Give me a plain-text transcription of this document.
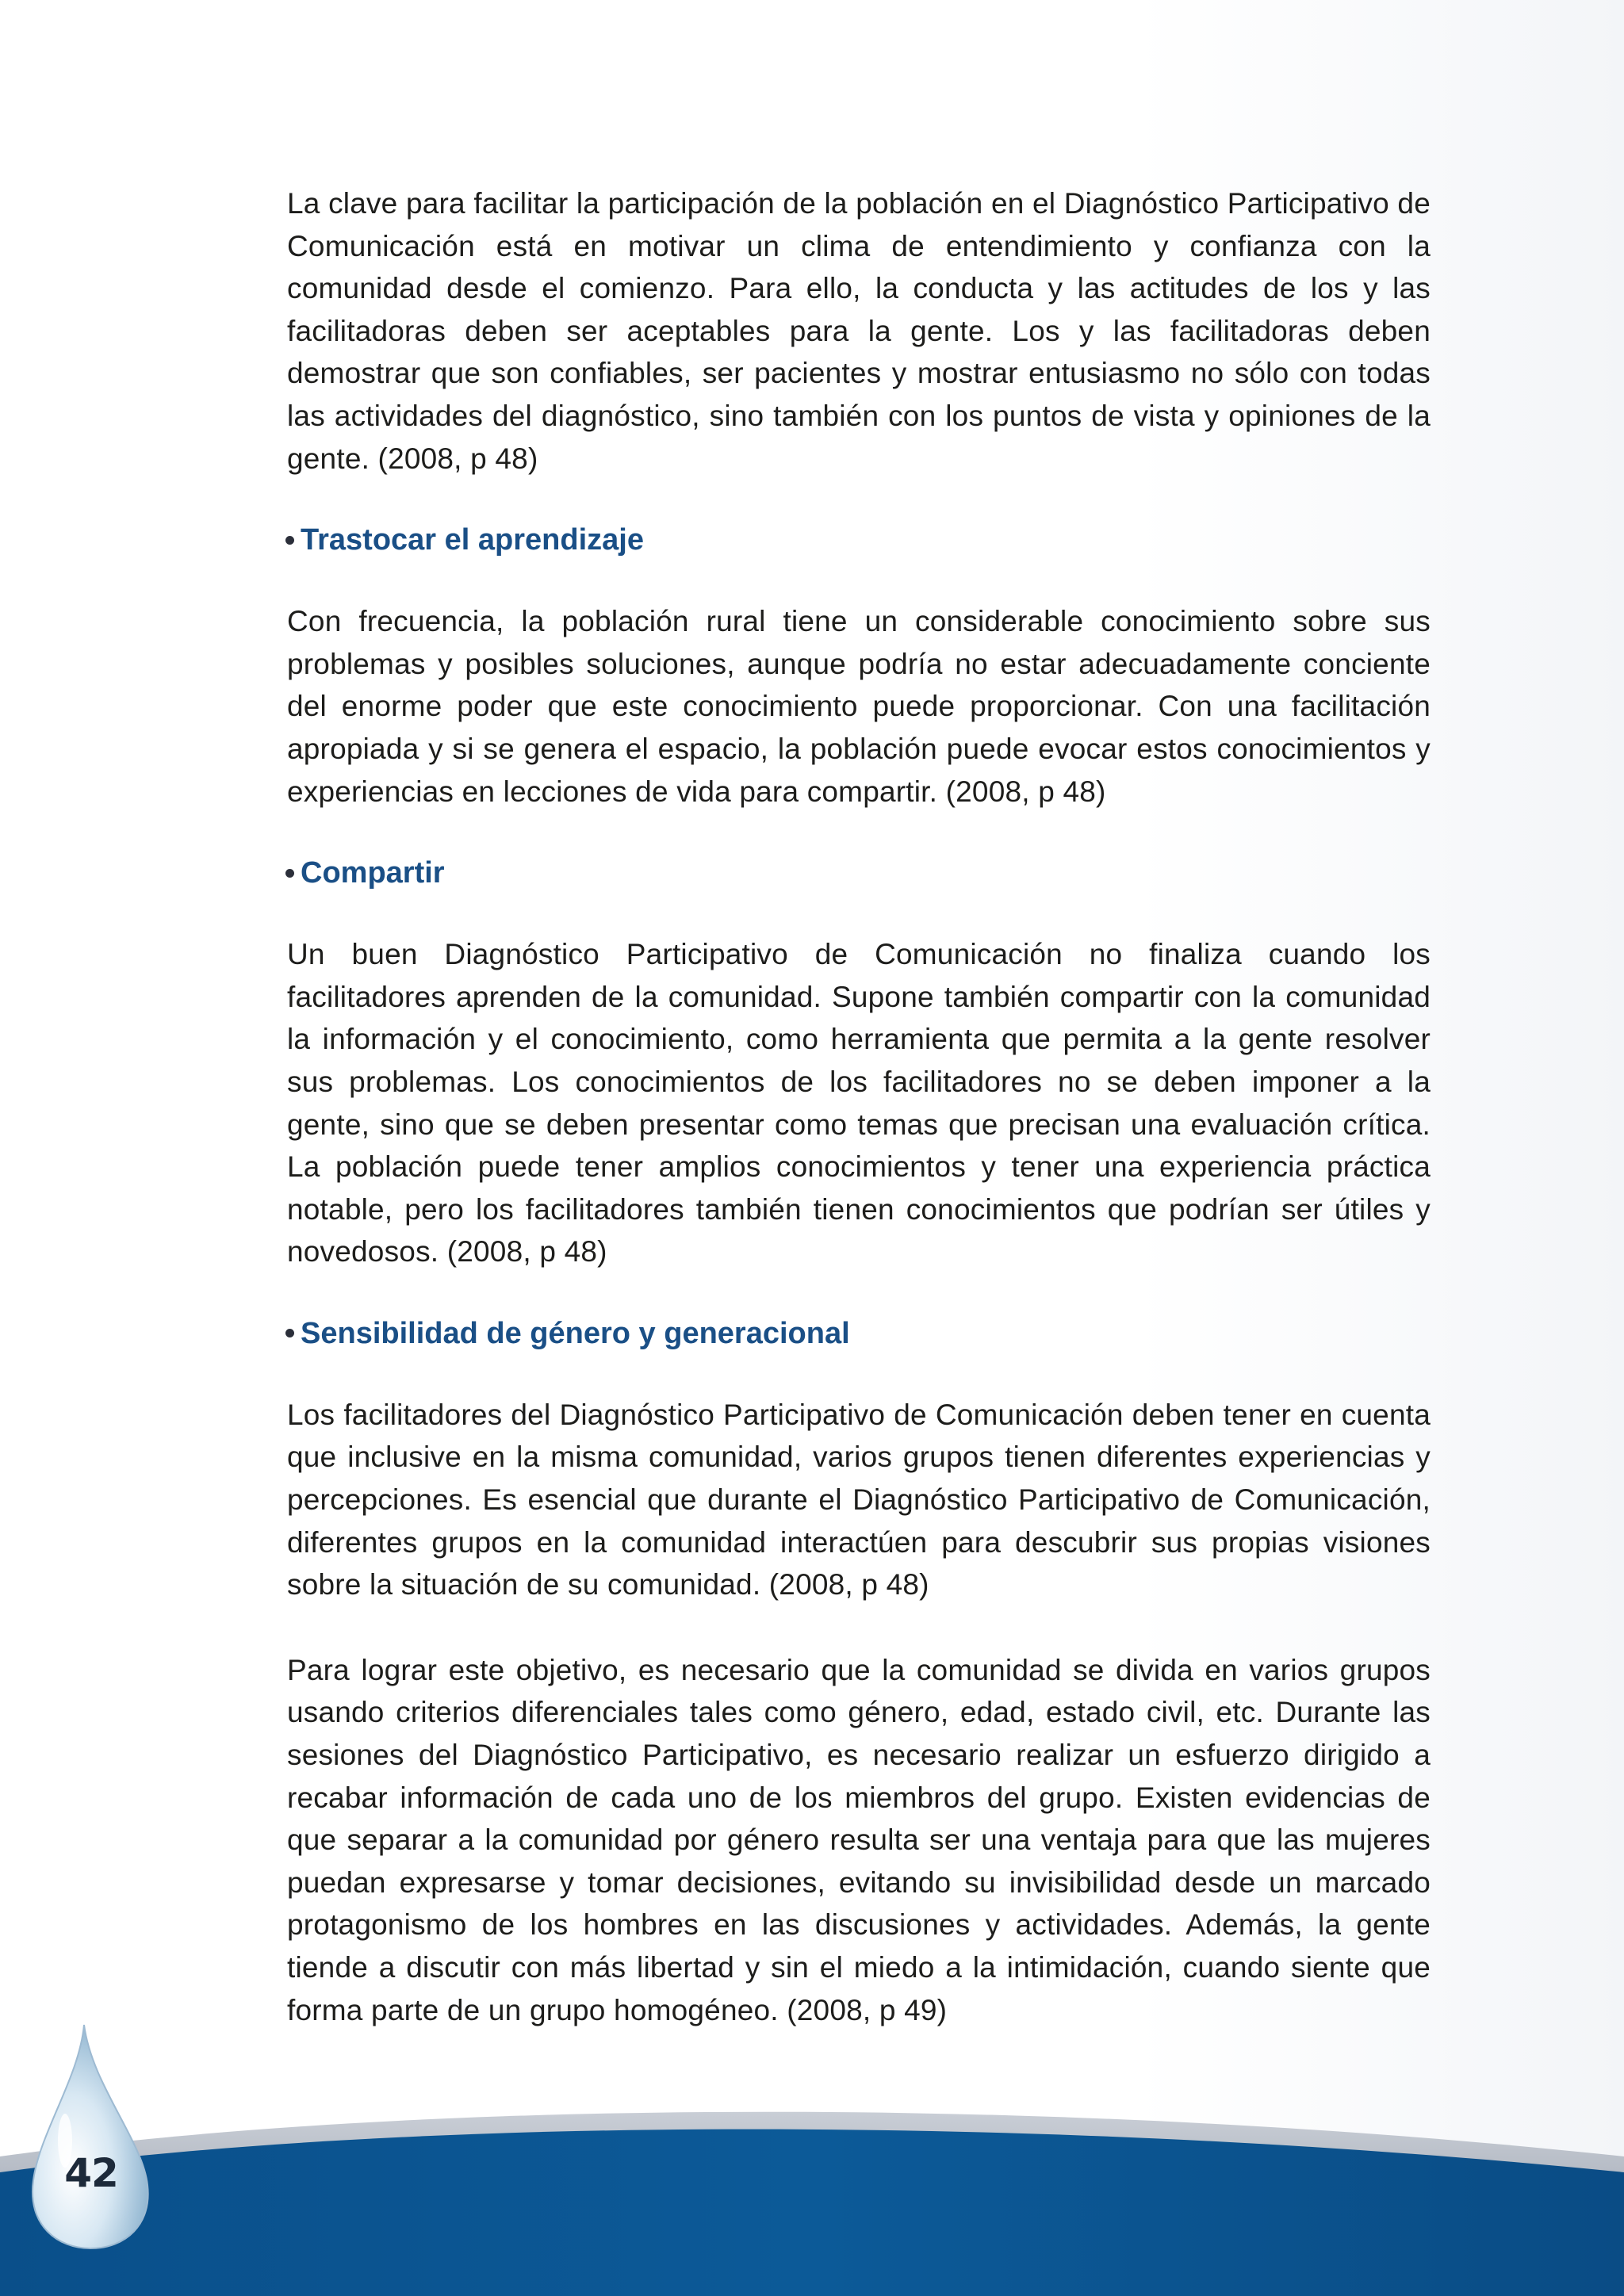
La clave para facilitar la participación de la población en el Diagnóstico Participativo de Comunicación está en motivar un clima de entendimiento y confianza con la comunidad desde el comienzo. Para ello, la conducta y las actitudes de los y las facilitadoras deben ser aceptables para la gente. Los y las facilitadoras deben demostrar que son confiables, ser pacientes y mostrar entusiasmo no sólo con todas las actividades del diagnóstico, sino también con los puntos de vista y opiniones de la gente. (2008, p 48)

Trastocar el aprendizaje

Con frecuencia, la población rural tiene un considerable conocimiento sobre sus problemas y posibles soluciones, aunque podría no estar adecuadamente conciente del enorme poder que este conocimiento puede proporcionar. Con una facilitación apropiada y si se genera el espacio, la población puede evocar estos conocimientos y experiencias en lecciones de vida para compartir. (2008, p 48)

Compartir

Un buen Diagnóstico Participativo de Comunicación no finaliza cuando los facilitadores aprenden de la comunidad. Supone también compartir con la comunidad la información y el conocimiento, como herramienta que permita a la gente resolver sus problemas. Los conocimientos de los facilitadores no se deben imponer a la gente, sino que se deben presentar como temas que precisan una evaluación crítica. La población puede tener amplios conocimientos y tener una experiencia práctica notable, pero los facilitadores también tienen conocimientos que podrían ser útiles y novedosos. (2008, p 48)

Sensibilidad de género y generacional

Los facilitadores del Diagnóstico Participativo de Comunicación deben tener en cuenta que inclusive en la misma comunidad, varios grupos tienen diferentes experiencias y percepciones. Es esencial que durante el Diagnóstico Participativo de Comunicación, diferentes grupos en la comunidad interactúen para descubrir sus propias visiones sobre la situación de su comunidad. (2008, p 48)

Para lograr este objetivo, es necesario que la comunidad se divida en varios grupos usando criterios diferenciales tales como género, edad, estado civil, etc. Durante las sesiones del Diagnóstico Participativo, es necesario realizar un esfuerzo dirigido a recabar información de cada uno de los miembros del grupo. Existen evidencias de que separar a la comunidad por género resulta ser una ventaja para que las mujeres puedan expresarse y tomar decisiones, evitando su invisibilidad desde un marcado protagonismo de los hombres en las discusiones y actividades. Además, la gente tiende a discutir con más libertad y sin el miedo a la intimidación, cuando siente que forma parte de un grupo homogéneo. (2008, p 49)

42
